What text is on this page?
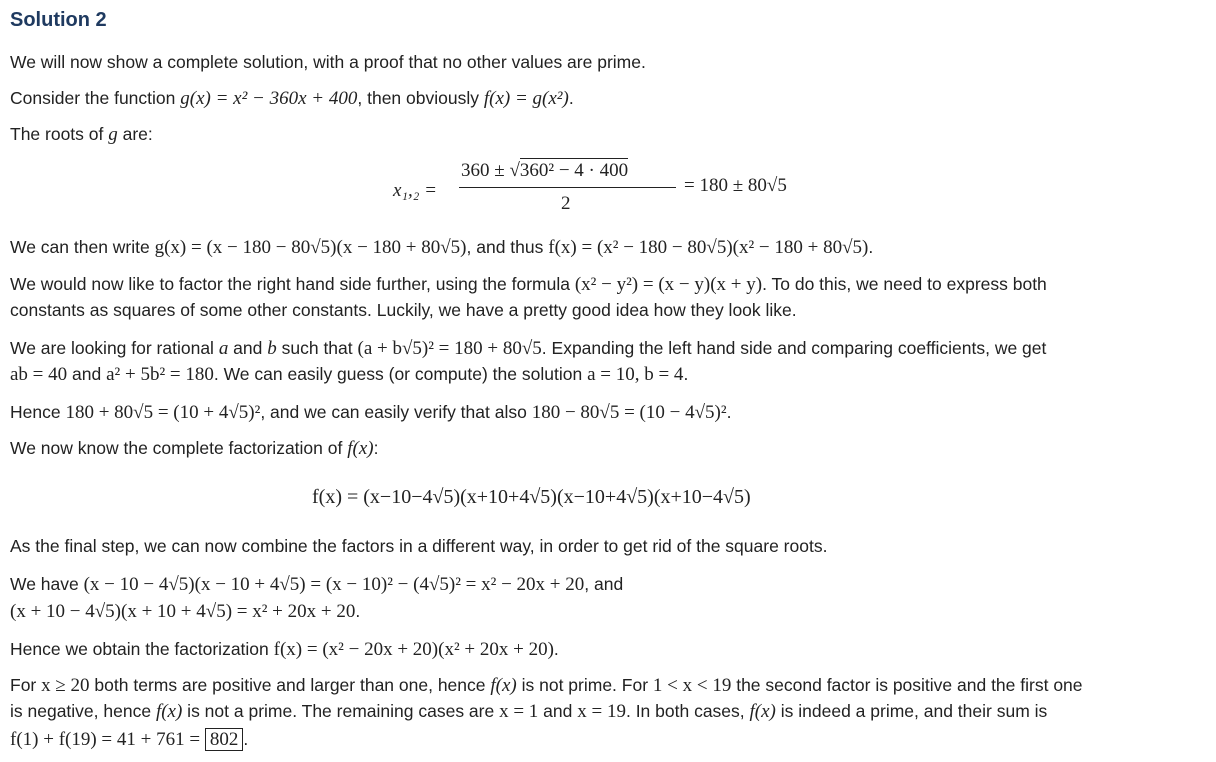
Solution 2
We will now show a complete solution, with a proof that no other values are prime.
Consider the function g(x) = x² − 360x + 400, then obviously f(x) = g(x²).
The roots of g are:
x₁,₂ =
360 ± √360² − 4 · 400
2
= 180 ± 80√5
We can then write g(x) = (x − 180 − 80√5)(x − 180 + 80√5), and thus f(x) = (x² − 180 − 80√5)(x² − 180 + 80√5).
We would now like to factor the right hand side further, using the formula (x² − y²) = (x − y)(x + y). To do this, we need to express both
constants as squares of some other constants. Luckily, we have a pretty good idea how they look like.
We are looking for rational a and b such that (a + b√5)² = 180 + 80√5. Expanding the left hand side and comparing coefficients, we get
ab = 40 and a² + 5b² = 180. We can easily guess (or compute) the solution a = 10, b = 4.
Hence 180 + 80√5 = (10 + 4√5)², and we can easily verify that also 180 − 80√5 = (10 − 4√5)².
We now know the complete factorization of f(x):
f(x) = (x−10−4√5)(x+10+4√5)(x−10+4√5)(x+10−4√5)
As the final step, we can now combine the factors in a different way, in order to get rid of the square roots.
We have (x − 10 − 4√5)(x − 10 + 4√5) = (x − 10)² − (4√5)² = x² − 20x + 20, and
(x + 10 − 4√5)(x + 10 + 4√5) = x² + 20x + 20.
Hence we obtain the factorization f(x) = (x² − 20x + 20)(x² + 20x + 20).
For x ≥ 20 both terms are positive and larger than one, hence f(x) is not prime. For 1 < x < 19 the second factor is positive and the first one
is negative, hence f(x) is not a prime. The remaining cases are x = 1 and x = 19. In both cases, f(x) is indeed a prime, and their sum is
f(1) + f(19) = 41 + 761 = 802 .
